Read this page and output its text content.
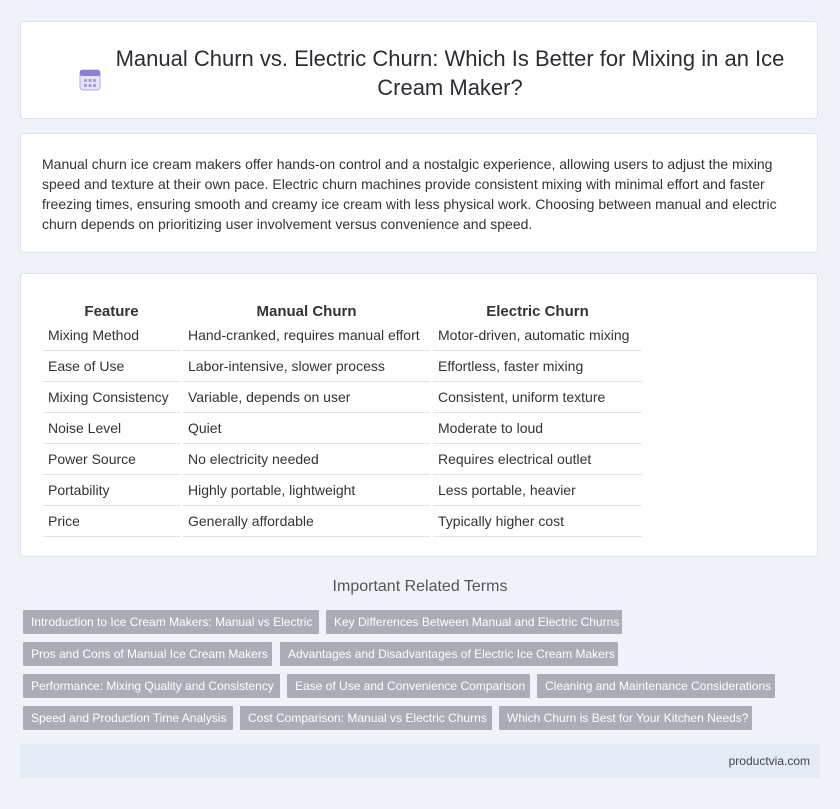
Manual Churn vs. Electric Churn: Which Is Better for Mixing in an Ice Cream Maker?

Manual churn ice cream makers offer hands-on control and a nostalgic experience, allowing users to adjust the mixing speed and texture at their own pace. Electric churn machines provide consistent mixing with minimal effort and faster freezing times, ensuring smooth and creamy ice cream with less physical work. Choosing between manual and electric churn depends on prioritizing user involvement versus convenience and speed.

Feature		Manual Churn		Electric Churn
Mixing Method		Hand-cranked, requires manual effort		Motor-driven, automatic mixing
Ease of Use		Labor-intensive, slower process		Effortless, faster mixing
Mixing Consistency		Variable, depends on user		Consistent, uniform texture
Noise Level		Quiet		Moderate to loud
Power Source		No electricity needed		Requires electrical outlet
Portability		Highly portable, lightweight		Less portable, heavier
Price		Generally affordable		Typically higher cost
Important Related Terms
Introduction to Ice Cream Makers: Manual vs Electric	Key Differences Between Manual and Electric Churns
Pros and Cons of Manual Ice Cream Makers	Advantages and Disadvantages of Electric Ice Cream Makers
Performance: Mixing Quality and Consistency	Ease of Use and Convenience Comparison	Cleaning and Maintenance Considerations
Speed and Production Time Analysis	Cost Comparison: Manual vs Electric Churns	Which Churn is Best for Your Kitchen Needs?
productvia.com
